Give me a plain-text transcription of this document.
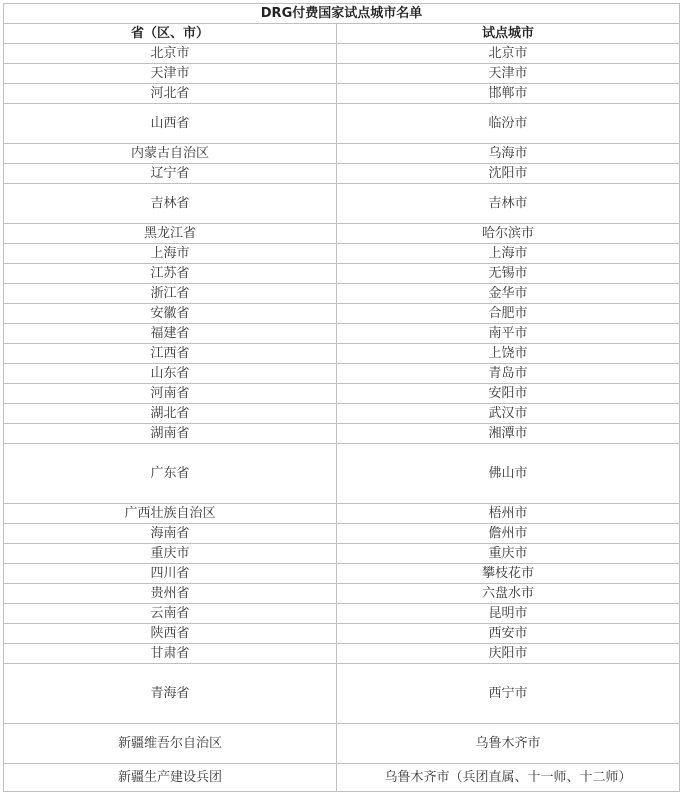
DRG付费国家试点城市名单	
省（区、市）	试点城市
北京市	北京市
天津市	天津市
河北省	邯郸市
山西省	临汾市
内蒙古自治区	乌海市
辽宁省	沈阳市
吉林省	吉林市
黑龙江省	哈尔滨市
上海市	上海市
江苏省	无锡市
浙江省	金华市
安徽省	合肥市
福建省	南平市
江西省	上饶市
山东省	青岛市
河南省	安阳市
湖北省	武汉市
湖南省	湘潭市
广东省	佛山市
广西壮族自治区	梧州市
海南省	儋州市
重庆市	重庆市
四川省	攀枝花市
贵州省	六盘水市
云南省	昆明市
陕西省	西安市
甘肃省	庆阳市
青海省	西宁市
新疆维吾尔自治区	乌鲁木齐市
新疆生产建设兵团	乌鲁木齐市（兵团直属、十一师、十二师）
